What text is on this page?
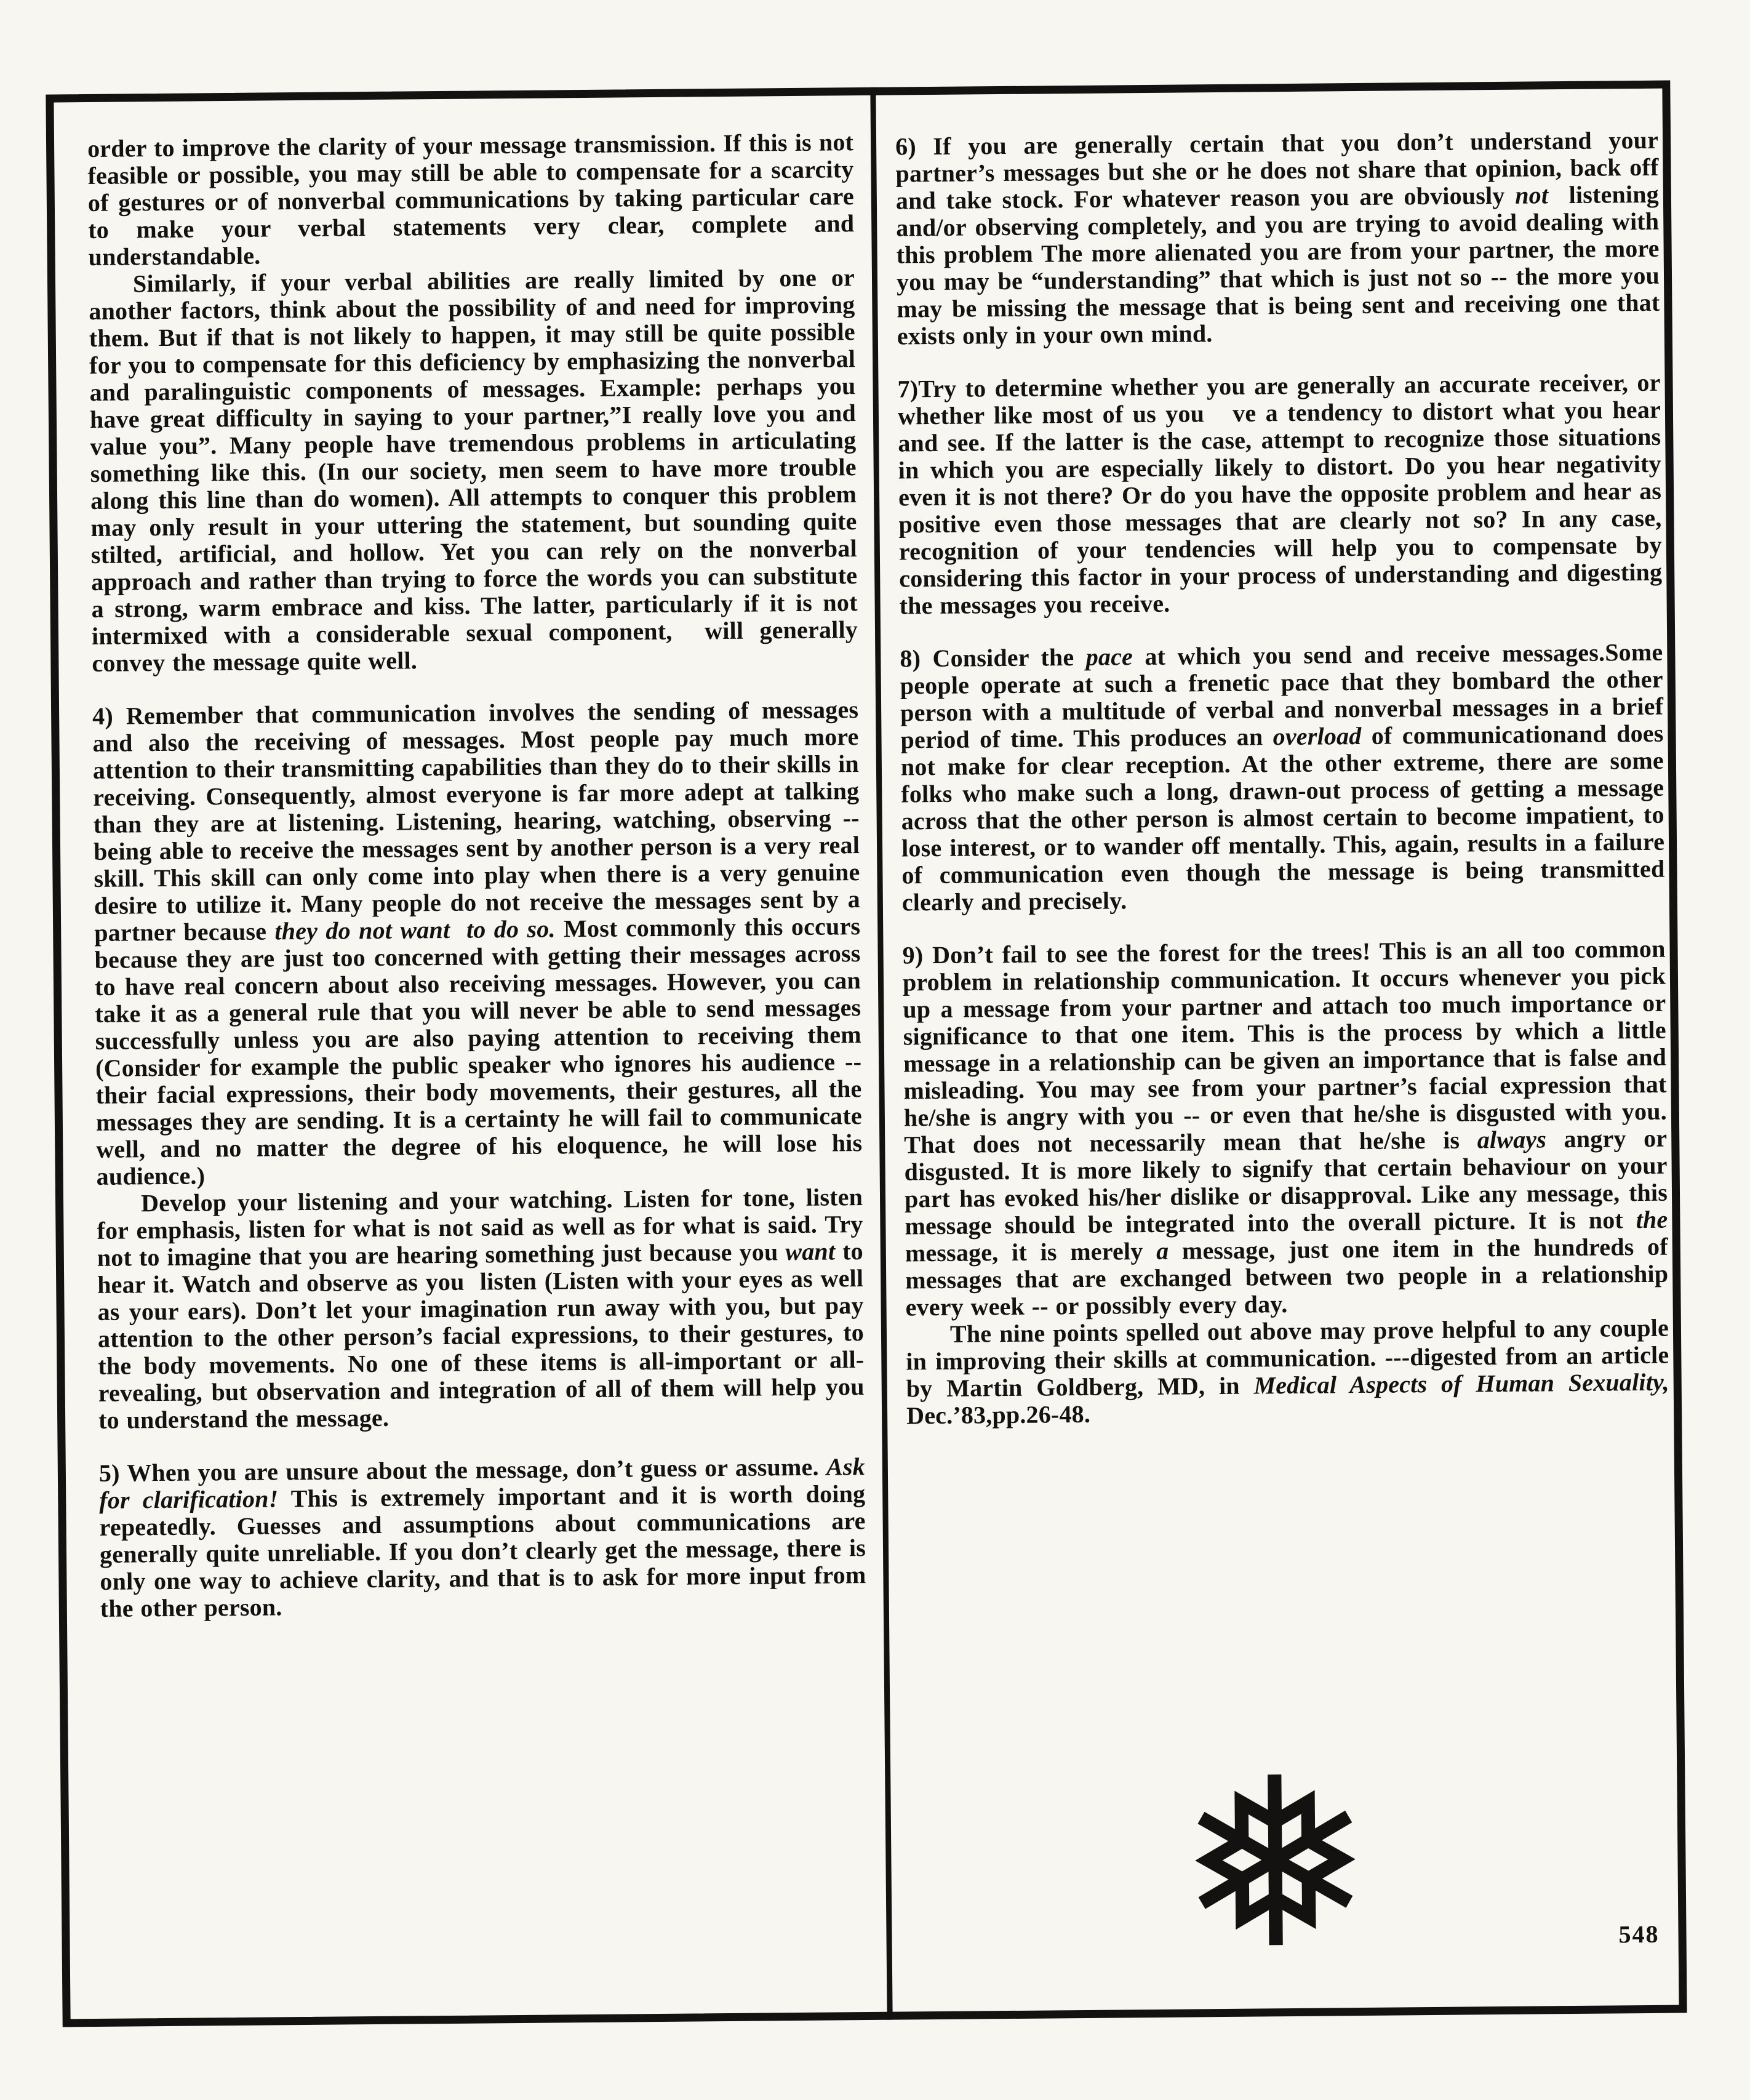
order to improve the clarity of your message transmission. If this is not feasible or possible, you may still be able to compensate for a scarcity of gestures or of nonverbal communications by taking particular care to make your verbal statements very clear, complete and understandable.

Similarly, if your verbal abilities are really limited by one or another factors, think about the possibility of and need for improving them. But if that is not likely to happen, it may still be quite possible for you to compensate for this deficiency by emphasizing the nonverbal and paralinguistic components of messages. Example: perhaps you have great difficulty in saying to your partner,”I really love you and value you”. Many people have tremendous problems in articulating something like this. (In our society, men seem to have more trouble along this line than do women). All attempts to conquer this problem may only result in your uttering the statement, but sounding quite stilted, artificial, and hollow. Yet you can rely on the nonverbal approach and rather than trying to force the words you can substitute a strong, warm embrace and kiss. The latter, particularly if it is not intermixed with a considerable sexual component,  will generally convey the message quite well.

4) Remember that communication involves the sending of messages and also the receiving of messages. Most people pay much more attention to their transmitting capabilities than they do to their skills in receiving. Consequently, almost everyone is far more adept at talking than they are at listening. Listening, hearing, watching, observing --being able to receive the messages sent by another person is a very real skill. This skill can only come into play when there is a very genuine desire to utilize it. Many people do not receive the messages sent by a partner because they do not want  to do so. Most commonly this occurs because they are just too concerned with getting their messages across to have real concern about also receiving messages. However, you can take it as a general rule that you will never be able to send messages successfully unless you are also paying attention to receiving them (Consider for example the public speaker who ignores his audience -- their facial expressions, their body movements, their gestures, all the messages they are sending. It is a certainty he will fail to communicate well, and no matter the degree of his eloquence, he will lose his audience.)

Develop your listening and your watching. Listen for tone, listen for emphasis, listen for what is not said as well as for what is said. Try not to imagine that you are hearing something just because you want to hear it. Watch and observe as you  listen (Listen with your eyes as well as your ears). Don’t let your imagination run away with you, but pay attention to the other person’s facial expressions, to their gestures, to the body movements. No one of these items is all-important or all-revealing, but observation and integration of all of them will help you to understand the message.

5) When you are unsure about the message, don’t guess or assume. Ask for clarification! This is extremely important and it is worth doing repeatedly. Guesses and assumptions about communications are generally quite unreliable. If you don’t clearly get the message, there is only one way to achieve clarity, and that is to ask for more input from the other person.

6) If you are generally certain that you don’t understand your partner’s messages but she or he does not share that opinion, back off and take stock. For whatever reason you are obviously not  listening and/or observing completely, and you are trying to avoid dealing with this problem The more alienated you are from your partner, the more you may be “understanding” that which is just not so -- the more you may be missing the message that is being sent and receiving one that exists only in your own mind.

7)Try to determine whether you are generally an accurate receiver, or whether like most of us you   ve a tendency to distort what you hear and see. If the latter is the case, attempt to recognize those situations in which you are especially likely to distort. Do you hear negativity even it is not there? Or do you have the opposite problem and hear as positive even those messages that are clearly not so? In any case, recognition of your tendencies will help you to compensate by considering this factor in your process of understanding and digesting the messages you receive.

8) Consider the pace at which you send and receive messages.Some people operate at such a frenetic pace that they bombard the other person with a multitude of verbal and nonverbal messages in a brief period of time. This produces an overload of communicationand does not make for clear reception. At the other extreme, there are some folks who make such a long, drawn-out process of getting a message across that the other person is almost certain to become impatient, to lose interest, or to wander off mentally. This, again, results in a failure of communication even though the message is being transmitted clearly and precisely.

9) Don’t fail to see the forest for the trees! This is an all too common problem in relationship communication. It occurs whenever you pick up a message from your partner and attach too much importance or significance to that one item. This is the process by which a little message in a relationship can be given an importance that is false and misleading. You may see from your partner’s facial expression that he/she is angry with you -- or even that he/she is disgusted with you. That does not necessarily mean that he/she is always angry or disgusted. It is more likely to signify that certain behaviour on your part has evoked his/her dislike or disapproval. Like any message, this message should be integrated into the overall picture. It is not the message, it is merely a message, just one item in the hundreds of messages that are exchanged between two people in a relationship every week -- or possibly every day.

The nine points spelled out above may prove helpful to any couple in improving their skills at communication. ---digested from an article by Martin Goldberg, MD, in Medical Aspects of Human Sexuality, Dec.’83,pp.26-48.

❅	548
